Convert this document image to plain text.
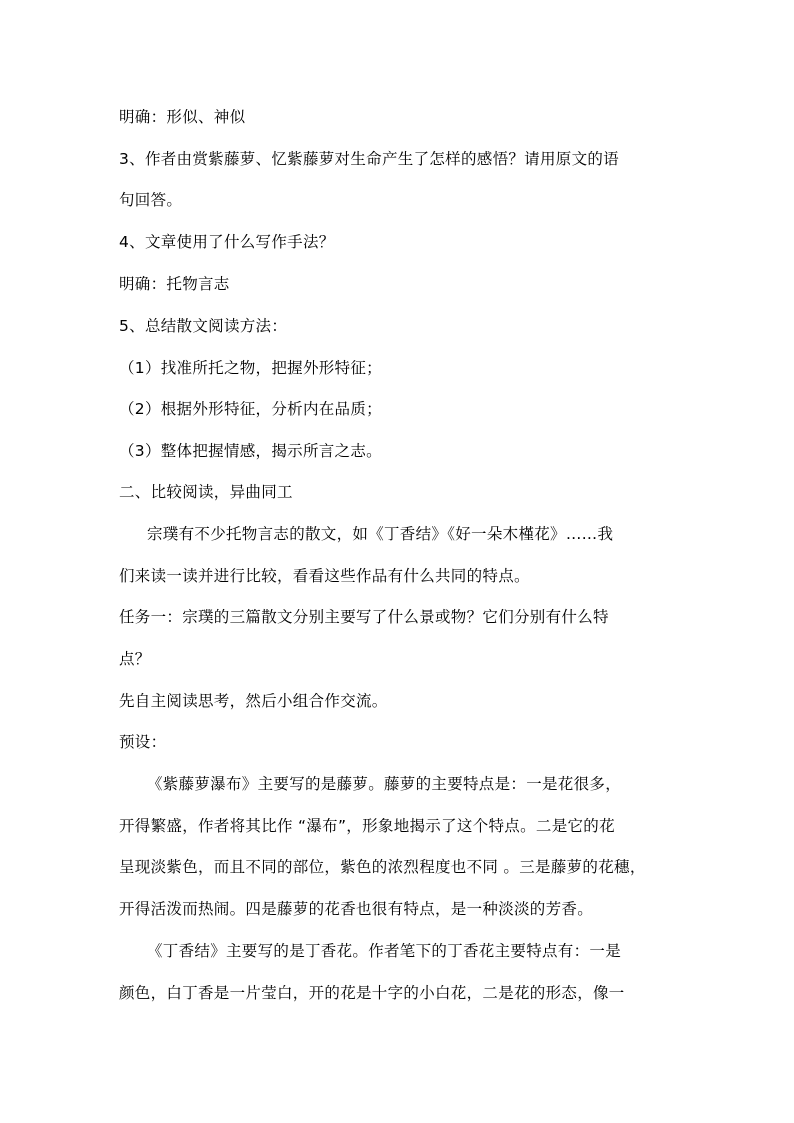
明确：形似、神似
3、作者由赏紫藤萝、忆紫藤萝对生命产生了怎样的感悟？请用原文的语
句回答。
4、文章使用了什么写作手法？
明确：托物言志
5、总结散文阅读方法：
（1）找准所托之物，把握外形特征；
（2）根据外形特征，分析内在品质；
（3）整体把握情感，揭示所言之志。
二、比较阅读，异曲同工
宗璞有不少托物言志的散文，如《丁香结》《好一朵木槿花》……我
们来读一读并进行比较，看看这些作品有什么共同的特点。
任务一：宗璞的三篇散文分别主要写了什么景或物？它们分别有什么特
点？
先自主阅读思考，然后小组合作交流。
预设：
《紫藤萝瀑布》主要写的是藤萝。藤萝的主要特点是：一是花很多，
开得繁盛，作者将其比作 “瀑布”，形象地揭示了这个特点。二是它的花
呈现淡紫色，而且不同的部位，紫色的浓烈程度也不同 。三是藤萝的花穗，
开得活泼而热闹。四是藤萝的花香也很有特点，是一种淡淡的芳香。
《丁香结》主要写的是丁香花。作者笔下的丁香花主要特点有：一是
颜色，白丁香是一片莹白，开的花是十字的小白花，二是花的形态，像一
